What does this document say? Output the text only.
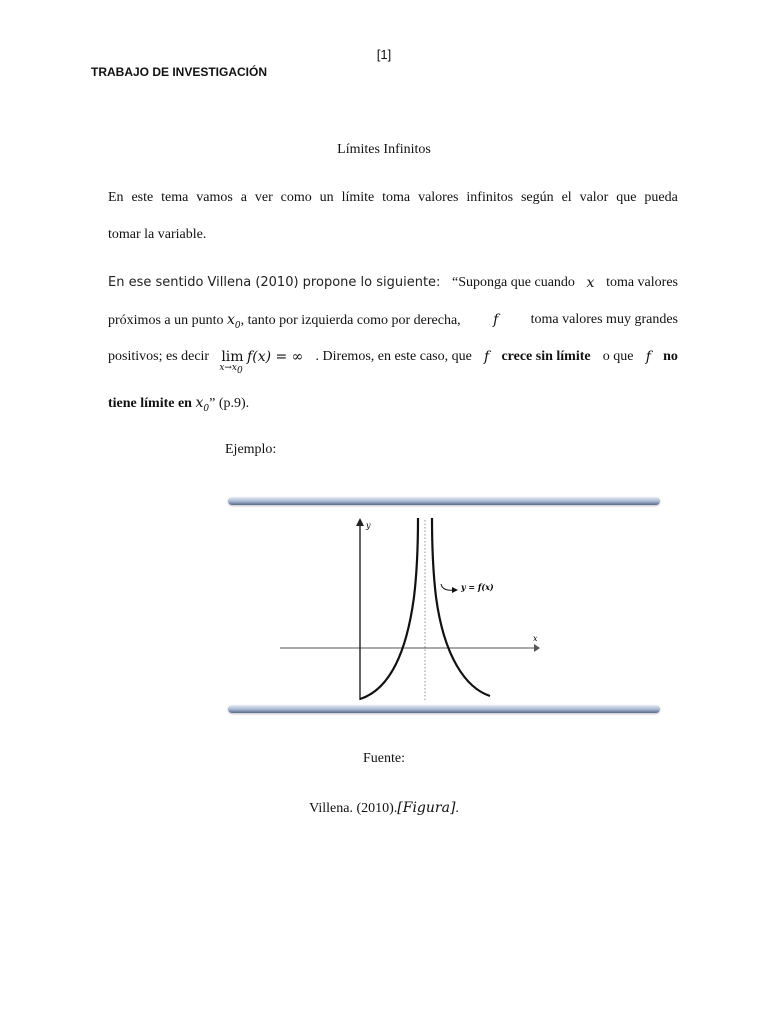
[1]
TRABAJO DE INVESTIGACIÓN
Límites Infinitos
En este tema vamos a ver como un límite toma valores infinitos según el valor que pueda
tomar la variable.
En ese sentido Villena (2010) propone lo siguiente: “Suponga que cuando x toma valores
próximos a un punto $x_0$, tanto por izquierda como por derecha, f toma valores muy grandes
positivos; es decir lim
$x\to x_0$
f(x) = ∞ . Diremos, en este caso, que f crece sin límite o que f no
tiene límite en $x_0$” (p.9).
Ejemplo:
y
x
y = f(x)
Fuente:
Villena. (2010).[Figura].
